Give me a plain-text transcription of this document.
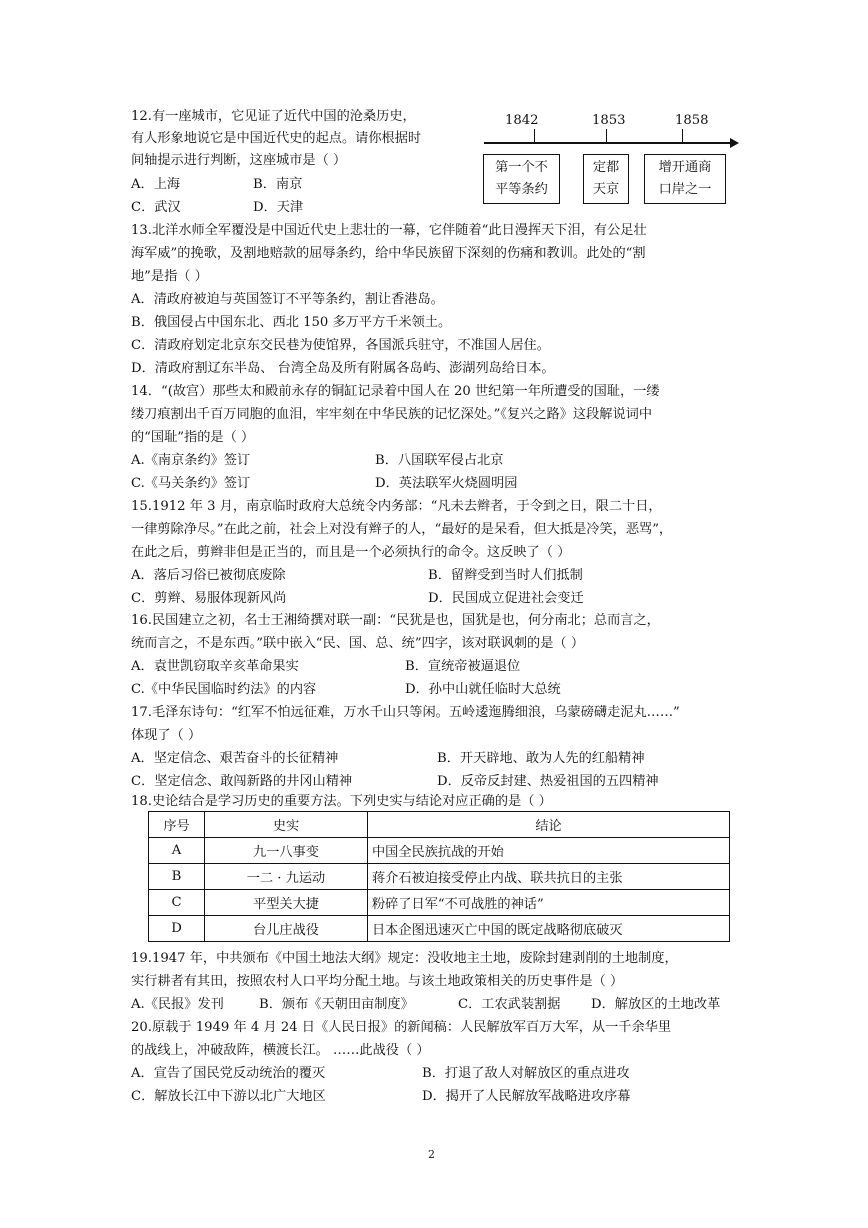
12.有一座城市，它见证了近代中国的沧桑历史，
有人形象地说它是中国近代史的起点。请你根据时
间轴提示进行判断，这座城市是（ ）
A．上海	B．南京
C．武汉	D．天津
1842	1853	1858
第一个不
平等条约
定都
天京
增开通商
口岸之一
13.北洋水师全军覆没是中国近代史上悲壮的一幕，它伴随着“此日漫挥天下泪，有公足壮
海军威”的挽歌，及割地赔款的屈辱条约，给中华民族留下深刻的伤痛和教训。此处的“割
地”是指（ ）
A．清政府被迫与英国签订不平等条约，割让香港岛。
B．俄国侵占中国东北、西北 150 多万平方千米领土。
C．清政府划定北京东交民巷为使馆界，各国派兵驻守，不准国人居住。
D．清政府割辽东半岛、 台湾全岛及所有附属各岛屿、澎湖列岛给日本。
14．“(故宫）那些太和殿前永存的铜缸记录着中国人在 20 世纪第一年所遭受的国耻，一缕
缕刀痕割出千百万同胞的血泪，牢牢刻在中华民族的记忆深处。”《复兴之路》这段解说词中
的“国耻”指的是（ ）
A.《南京条约》签订	B．八国联军侵占北京
C.《马关条约》签订	D．英法联军火烧圆明园
15.1912 年 3 月，南京临时政府大总统令内务部：“凡未去辫者，于令到之日，限二十日，
一律剪除净尽。”在此之前，社会上对没有辫子的人，“最好的是呆看，但大抵是冷笑，恶骂”，
在此之后，剪辫非但是正当的，而且是一个必须执行的命令。这反映了（ ）
A．落后习俗已被彻底废除	B．留辫受到当时人们抵制
C．剪辫、易服体现新风尚	D．民国成立促进社会变迁
16.民国建立之初，名士王湘绮撰对联一副：“民犹是也，国犹是也，何分南北；总而言之，
统而言之，不是东西。”联中嵌入“民、国、总、统”四字，该对联讽刺的是（ ）
A．袁世凯窃取辛亥革命果实	B．宣统帝被逼退位
C.《中华民国临时约法》的内容	D．孙中山就任临时大总统
17.毛泽东诗句：“红军不怕远征难，万水千山只等闲。五岭逶迤腾细浪，乌蒙磅礴走泥丸……”
体现了（ ）
A．坚定信念、艰苦奋斗的长征精神	B．开天辟地、敢为人先的红船精神
C．坚定信念、敢闯新路的井冈山精神	D．反帝反封建、热爱祖国的五四精神
18.史论结合是学习历史的重要方法。下列史实与结论对应正确的是（ ）
序号	史实	结论
A	九一八事变	中国全民族抗战的开始
B	一二 · 九运动	蒋介石被迫接受停止内战、联共抗日的主张
C	平型关大捷	粉碎了日军“不可战胜的神话”
D	台儿庄战役	日本企图迅速灭亡中国的既定战略彻底破灭
19.1947 年，中共颁布《中国土地法大纲》规定：没收地主土地，废除封建剥削的土地制度，
实行耕者有其田，按照农村人口平均分配土地。与该土地政策相关的历史事件是（ ）
A.《民报》发刊	B．颁布《天朝田亩制度》	C．工农武装割据 D．解放区的土地改革
20.原载于 1949 年 4 月 24 日《人民日报》的新闻稿：人民解放军百万大军，从一千余华里
的战线上，冲破敌阵，横渡长江。 ……此战役（ ）
A．宣告了国民党反动统治的覆灭	B．打退了敌人对解放区的重点进攻
C．解放长江中下游以北广大地区	D．揭开了人民解放军战略进攻序幕
2
